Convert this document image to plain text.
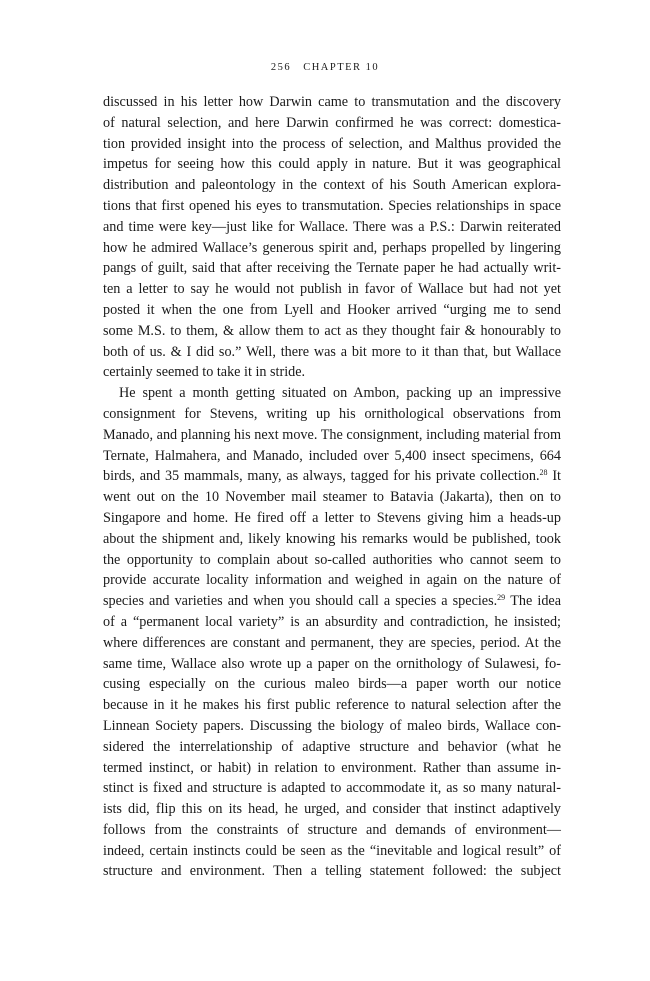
256 CHAPTER 10
discussed in his letter how Darwin came to transmutation and the discovery
of natural selection, and here Darwin confirmed he was correct: domestica-
tion provided insight into the process of selection, and Malthus provided the
impetus for seeing how this could apply in nature. But it was geographical
distribution and paleontology in the context of his South American explora-
tions that first opened his eyes to transmutation. Species relationships in space
and time were key—just like for Wallace. There was a P.S.: Darwin reiterated
how he admired Wallace’s generous spirit and, perhaps propelled by lingering
pangs of guilt, said that after receiving the Ternate paper he had actually writ-
ten a letter to say he would not publish in favor of Wallace but had not yet
posted it when the one from Lyell and Hooker arrived “urging me to send
some M.S. to them, & allow them to act as they thought fair & honourably to
both of us. & I did so.” Well, there was a bit more to it than that, but Wallace
certainly seemed to take it in stride.
He spent a month getting situated on Ambon, packing up an impressive
consignment for Stevens, writing up his ornithological observations from
Manado, and planning his next move. The consignment, including material from
Ternate, Halmahera, and Manado, included over 5,400 insect specimens, 664
birds, and 35 mammals, many, as always, tagged for his private collection.$^{28}$ It
went out on the 10 November mail steamer to Batavia (Jakarta), then on to
Singapore and home. He fired off a letter to Stevens giving him a heads-up
about the shipment and, likely knowing his remarks would be published, took
the opportunity to complain about so-called authorities who cannot seem to
provide accurate locality information and weighed in again on the nature of
species and varieties and when you should call a species a species.$^{29}$ The idea
of a “permanent local variety” is an absurdity and contradiction, he insisted;
where differences are constant and permanent, they are species, period. At the
same time, Wallace also wrote up a paper on the ornithology of Sulawesi, fo-
cusing especially on the curious maleo birds—a paper worth our notice
because in it he makes his first public reference to natural selection after the
Linnean Society papers. Discussing the biology of maleo birds, Wallace con-
sidered the interrelationship of adaptive structure and behavior (what he
termed instinct, or habit) in relation to environment. Rather than assume in-
stinct is fixed and structure is adapted to accommodate it, as so many natural-
ists did, flip this on its head, he urged, and consider that instinct adaptively
follows from the constraints of structure and demands of environment—
indeed, certain instincts could be seen as the “inevitable and logical result” of
structure and environment. Then a telling statement followed: the subject
